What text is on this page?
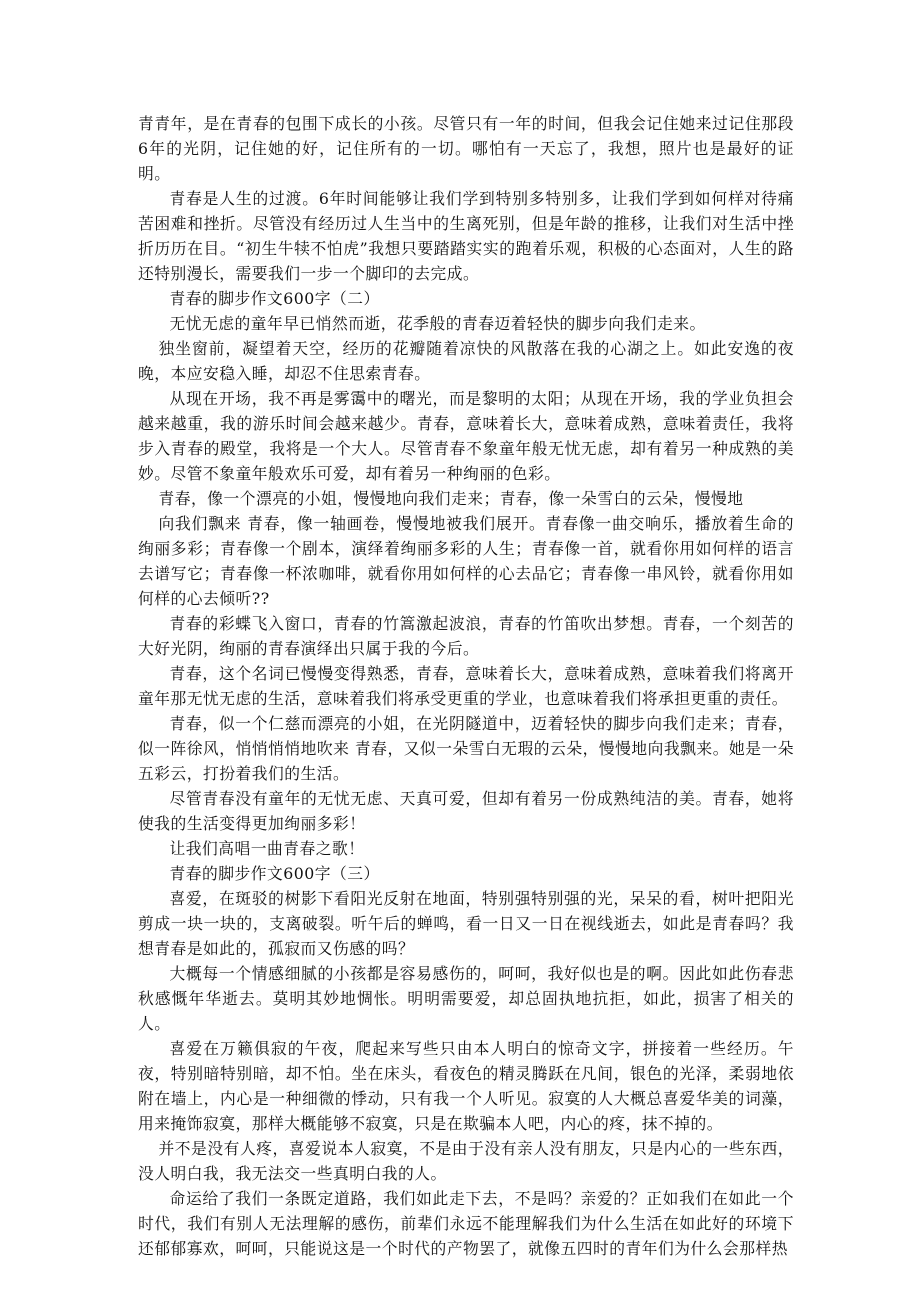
青青年，是在青春的包围下成长的小孩。尽管只有一年的时间，但我会记住她来过记住那段6年的光阴，记住她的好，记住所有的一切。哪怕有一天忘了，我想，照片也是最好的证明。

青春是人生的过渡。6年时间能够让我们学到特别多特别多，让我们学到如何样对待痛苦困难和挫折。尽管没有经历过人生当中的生离死别，但是年龄的推移，让我们对生活中挫折历历在目。“初生牛犊不怕虎”我想只要踏踏实实的跑着乐观，积极的心态面对，人生的路还特别漫长，需要我们一步一个脚印的去完成。

青春的脚步作文600字（二）

无忧无虑的童年早已悄然而逝，花季般的青春迈着轻快的脚步向我们走来。

独坐窗前，凝望着天空，经历的花瓣随着凉快的风散落在我的心湖之上。如此安逸的夜晚，本应安稳入睡，却忍不住思索青春。

从现在开场，我不再是雾霭中的曙光，而是黎明的太阳；从现在开场，我的学业负担会越来越重，我的游乐时间会越来越少。青春，意味着长大，意味着成熟，意味着责任，我将步入青春的殿堂，我将是一个大人。尽管青春不象童年般无忧无虑，却有着另一种成熟的美妙。尽管不象童年般欢乐可爱，却有着另一种绚丽的色彩。

青春，像一个漂亮的小姐，慢慢地向我们走来；青春，像一朵雪白的云朵，慢慢地

向我们飘来 青春，像一轴画卷，慢慢地被我们展开。青春像一曲交响乐，播放着生命的绚丽多彩；青春像一个剧本，演绎着绚丽多彩的人生；青春像一首，就看你用如何样的语言去谱写它；青春像一杯浓咖啡，就看你用如何样的心去品它；青春像一串风铃，就看你用如何样的心去倾听??

青春的彩蝶飞入窗口，青春的竹篙激起波浪，青春的竹笛吹出梦想。青春，一个刻苦的大好光阴，绚丽的青春演绎出只属于我的今后。

青春，这个名词已慢慢变得熟悉，青春，意味着长大，意味着成熟，意味着我们将离开童年那无忧无虑的生活，意味着我们将承受更重的学业，也意味着我们将承担更重的责任。

青春，似一个仁慈而漂亮的小姐，在光阴隧道中，迈着轻快的脚步向我们走来；青春，似一阵徐风，悄悄悄悄地吹来 青春，又似一朵雪白无瑕的云朵，慢慢地向我飘来。她是一朵五彩云，打扮着我们的生活。

尽管青春没有童年的无忧无虑、天真可爱，但却有着另一份成熟纯洁的美。青春，她将使我的生活变得更加绚丽多彩！

让我们高唱一曲青春之歌！

青春的脚步作文600字（三）

喜爱，在斑驳的树影下看阳光反射在地面，特别强特别强的光，呆呆的看，树叶把阳光剪成一块一块的，支离破裂。听午后的蝉鸣，看一日又一日在视线逝去，如此是青春吗？我想青春是如此的，孤寂而又伤感的吗？

大概每一个情感细腻的小孩都是容易感伤的，呵呵，我好似也是的啊。因此如此伤春悲秋感慨年华逝去。莫明其妙地惆怅。明明需要爱，却总固执地抗拒，如此，损害了相关的人。

喜爱在万籁俱寂的午夜，爬起来写些只由本人明白的惊奇文字，拼接着一些经历。午夜，特别暗特别暗，却不怕。坐在床头，看夜色的精灵腾跃在凡间，银色的光泽，柔弱地依附在墙上，内心是一种细微的悸动，只有我一个人听见。寂寞的人大概总喜爱华美的词藻，用来掩饰寂寞，那样大概能够不寂寞，只是在欺骗本人吧，内心的疼，抹不掉的。

并不是没有人疼，喜爱说本人寂寞，不是由于没有亲人没有朋友，只是内心的一些东西，没人明白我，我无法交一些真明白我的人。

命运给了我们一条既定道路，我们如此走下去，不是吗？亲爱的？正如我们在如此一个时代，我们有别人无法理解的感伤，前辈们永远不能理解我们为什么生活在如此好的环境下还郁郁寡欢，呵呵，只能说这是一个时代的产物罢了，就像五四时的青年们为什么会那样热
